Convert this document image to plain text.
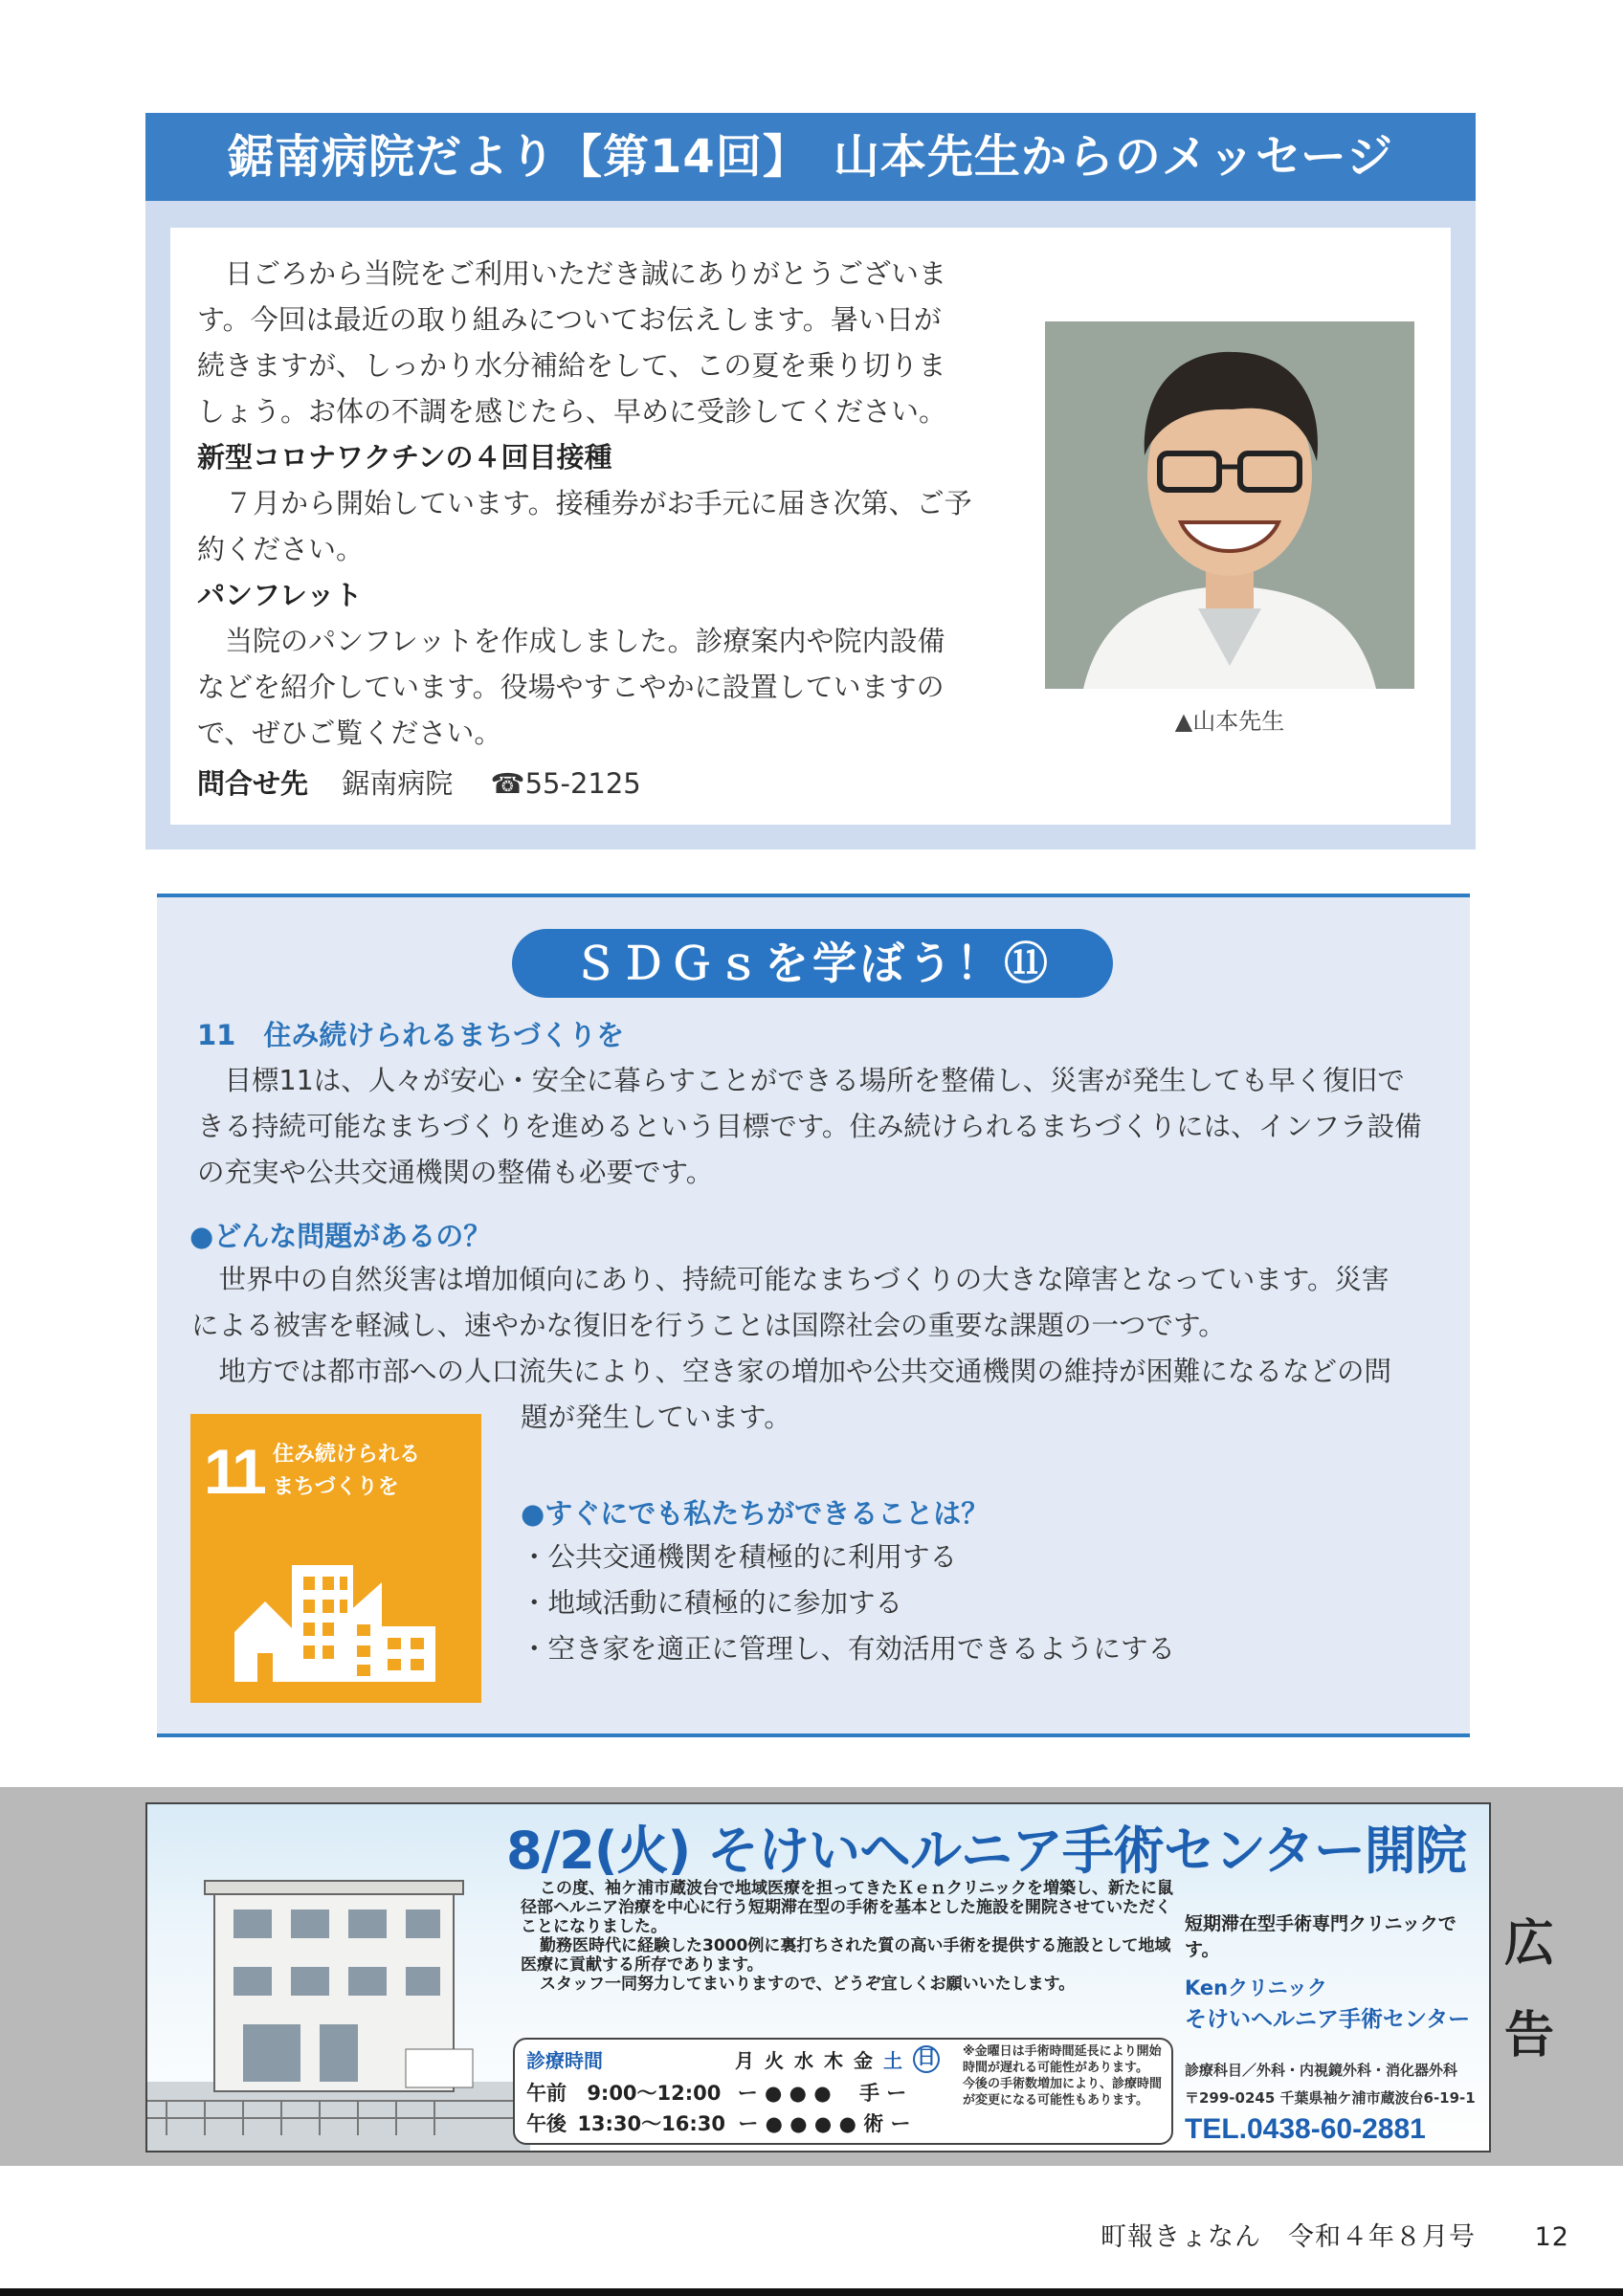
鋸南病院だより【第14回】　山本先生からのメッセージ
　日ごろから当院をご利用いただき誠にありがとうございま
す。今回は最近の取り組みについてお伝えします。暑い日が
続きますが、しっかり水分補給をして、この夏を乗り切りま
しょう。お体の不調を感じたら、早めに受診してください。
新型コロナワクチンの４回目接種
　７月から開始しています。接種券がお手元に届き次第、ご予
約ください。
パンフレット
　当院のパンフレットを作成しました。診療案内や院内設備
などを紹介しています。役場やすこやかに設置していますの
で、ぜひご覧ください。
問合せ先 鋸南病院 ☎55-2125
▲山本先生
ＳＤＧｓを学ぼう！⑪
11　住み続けられるまちづくりを
　目標11は、人々が安心・安全に暮らすことができる場所を整備し、災害が発生しても早く復旧で
きる持続可能なまちづくりを進めるという目標です。住み続けられるまちづくりには、インフラ設備
の充実や公共交通機関の整備も必要です。
●どんな問題があるの？
　世界中の自然災害は増加傾向にあり、持続可能なまちづくりの大きな障害となっています。災害
による被害を軽減し、速やかな復旧を行うことは国際社会の重要な課題の一つです。
　地方では都市部への人口流失により、空き家の増加や公共交通機関の維持が困難になるなどの問
題が発生しています。
11 住み続けられる
まちづくりを
●すぐにでも私たちができることは？
・公共交通機関を積極的に利用する
・地域活動に積極的に参加する
・空き家を適正に管理し、有効活用できるようにする
8/2(火) そけいヘルニア手術センター開院
この度、袖ケ浦市蔵波台で地域医療を担ってきたＫｅｎクリニックを増築し、新たに鼠
径部ヘルニア治療を中心に行う短期滞在型の手術を基本とした施設を開院させていただく
ことになりました。
勤務医時代に経験した3000例に裏打ちされた質の高い手術を提供する施設として地域
医療に貢献する所存であります。
スタッフ一同努力してまいりますので、どうぞ宜しくお願いいたします。
短期滞在型手術専門クリニックです。
Kenクリニック
そけいヘルニア手術センター
診療科目／外科・内視鏡外科・消化器外科
〒299-0245 千葉県袖ケ浦市蔵波台6-19-1
TEL.0438-60-2881
診療時間	月 火 水 木 金 土 日
午前 9:00〜12:00 ー ● ● ● 手 ー
午後 13:30〜16:30 ー ● ● ● ● 術 ー
※金曜日は手術時間延長により開始
時間が遅れる可能性があります。
今後の手術数増加により、診療時間
が変更になる可能性もあります。
広
告
町報きょなん　令和４年８月号 12
